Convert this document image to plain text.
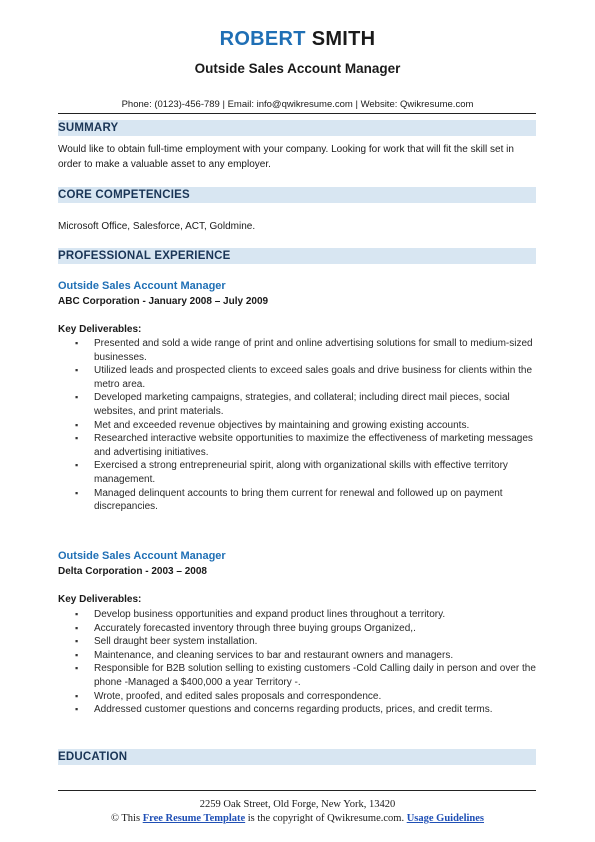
ROBERT SMITH
Outside Sales Account Manager
Phone: (0123)-456-789 | Email: info@qwikresume.com | Website: Qwikresume.com
SUMMARY
Would like to obtain full-time employment with your company. Looking for work that will fit the skill set in order to make a valuable asset to any employer.
CORE COMPETENCIES
Microsoft Office, Salesforce, ACT, Goldmine.
PROFESSIONAL EXPERIENCE
Outside Sales Account Manager
ABC Corporation - January 2008 – July 2009
Key Deliverables:
▪ Presented and sold a wide range of print and online advertising solutions for small to medium-sized businesses.
▪ Utilized leads and prospected clients to exceed sales goals and drive business for clients within the metro area.
▪ Developed marketing campaigns, strategies, and collateral; including direct mail pieces, social websites, and print materials.
▪ Met and exceeded revenue objectives by maintaining and growing existing accounts.
▪ Researched interactive website opportunities to maximize the effectiveness of marketing messages and advertising initiatives.
▪ Exercised a strong entrepreneurial spirit, along with organizational skills with effective territory management.
▪ Managed delinquent accounts to bring them current for renewal and followed up on payment discrepancies.
Outside Sales Account Manager
Delta Corporation - 2003 – 2008
Key Deliverables:
▪ Develop business opportunities and expand product lines throughout a territory.
▪ Accurately forecasted inventory through three buying groups Organized,.
▪ Sell draught beer system installation.
▪ Maintenance, and cleaning services to bar and restaurant owners and managers.
▪ Responsible for B2B solution selling to existing customers -Cold Calling daily in person and over the phone -Managed a $400,000 a year Territory -.
▪ Wrote, proofed, and edited sales proposals and correspondence.
▪ Addressed customer questions and concerns regarding products, prices, and credit terms.
EDUCATION
2259 Oak Street, Old Forge, New York, 13420
© This Free Resume Template is the copyright of Qwikresume.com. Usage Guidelines
